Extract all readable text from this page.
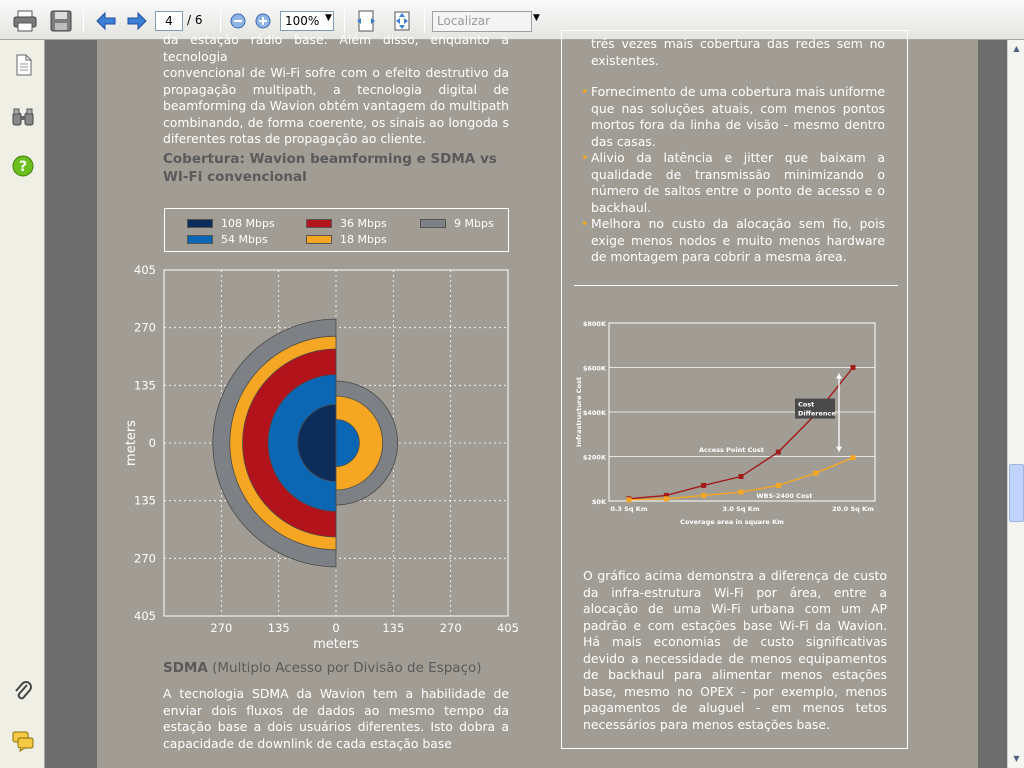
4	/ 6	100% ▼	Localizar	▼
?

da estação rádio base. Além disso, enquanto a tecnologia

convencional de Wi-Fi sofre com o efeito destrutivo da propagação multipath, a tecnologia digital de beamforming da Wavion obtém vantagem do multipath combinando, de forma coerente, os sinais ao longoda s diferentes rotas de propagação ao cliente.

Cobertura: Wavion beamforming e SDMA vs WI-Fi convencional
108 Mbps	36 Mbps	9 Mbps
54 Mbps	18 Mbps
405
270
135
0
135
270
405
270	135	0	135	270	405
meters
meters
SDMA (Multiplo Acesso por Divisão de Espaço)
A tecnologia SDMA da Wavion tem a habilidade de enviar dois fluxos de dados ao mesmo tempo da estação base a dois usuários diferentes. Isto dobra a capacidade de downlink de cada estação base
três vezes mais cobertura das redes sem no existentes.
• Fornecimento de uma cobertura mais uniforme que nas soluções atuais, com menos pontos mortos fora da linha de visão - mesmo dentro das casas.
• Alivio da latência e jitter que baixam a qualidade de transmissão minimizando o número de saltos entre o ponto de acesso e o backhaul.
• Melhora no custo da alocação sem fio, pois exige menos nodos e muito menos hardware de montagem para cobrir a mesma área.
$0K
$200K
$400K
$600K
$800K
Cost
Difference
Access Point Cost
WBS-2400 Cost
0.3 Sq Km	3.0 Sq Km	20.0 Sq Km
Coverage area in square Km
Infrastructure Cost
O gráfico acima demonstra a diferença de custo da infra-estrutura Wi-Fi por área, entre a alocação de uma Wi-Fi urbana com um AP padrão e com estações base Wi-Fi da Wavion. Há mais economias de custo significativas devido a necessidade de menos equipamentos de backhaul para alimentar menos estações base, mesmo no OPEX - por exemplo, menos pagamentos de aluguel - em menos tetos necessários para menos estações base.
▲
▼
